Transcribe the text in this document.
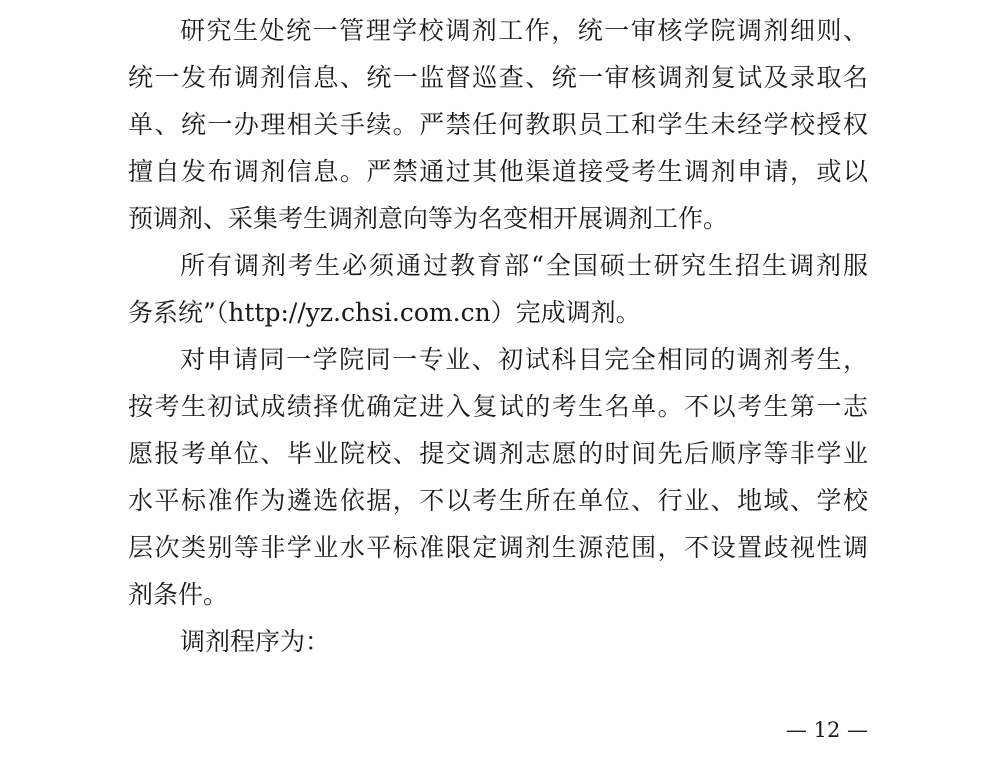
研究生处统一管理学校调剂工作，统一审核学院调剂细则、
统一发布调剂信息、统一监督巡查、统一审核调剂复试及录取名
单、统一办理相关手续。严禁任何教职员工和学生未经学校授权
擅自发布调剂信息。严禁通过其他渠道接受考生调剂申请，或以
预调剂、采集考生调剂意向等为名变相开展调剂工作。
所有调剂考生必须通过教育部“全国硕士研究生招生调剂服
务系统”（http://yz.chsi.com.cn）完成调剂。
对申请同一学院同一专业、初试科目完全相同的调剂考生，
按考生初试成绩择优确定进入复试的考生名单。不以考生第一志
愿报考单位、毕业院校、提交调剂志愿的时间先后顺序等非学业
水平标准作为遴选依据，不以考生所在单位、行业、地域、学校
层次类别等非学业水平标准限定调剂生源范围，不设置歧视性调
剂条件。
调剂程序为：
— 12 —
